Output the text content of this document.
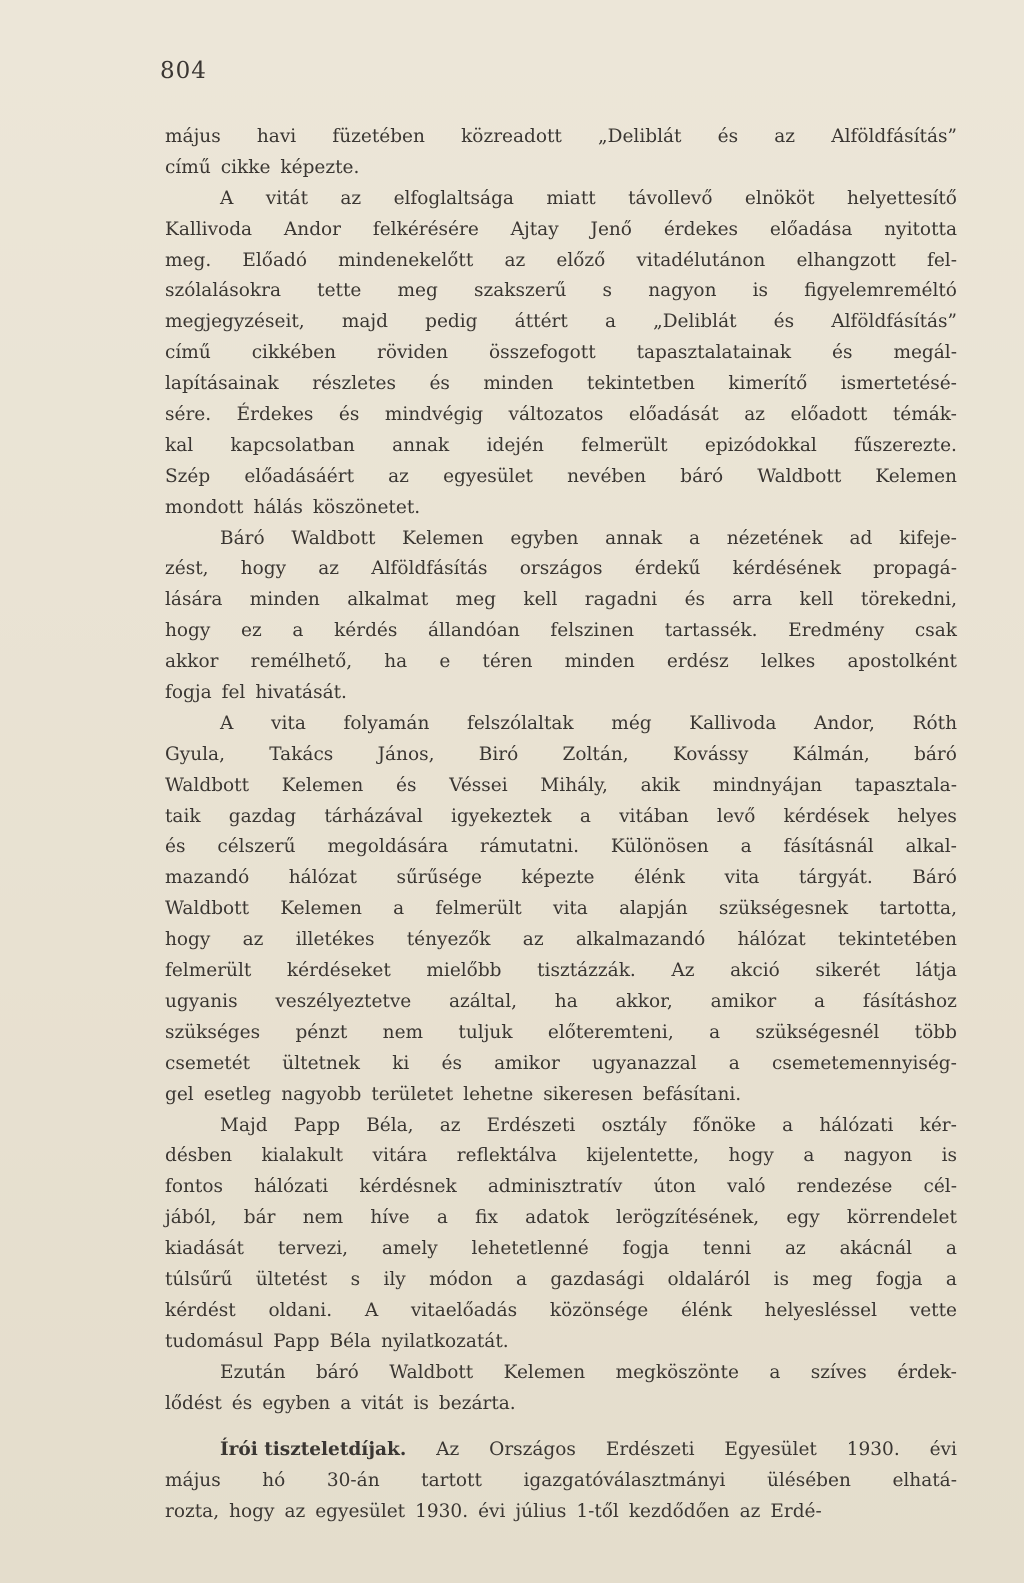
804
május havi füzetében közreadott „Deliblát és az Alföldfásítás”
című cikke képezte.
A vitát az elfoglaltsága miatt távollevő elnököt helyettesítő
Kallivoda Andor felkérésére Ajtay Jenő érdekes előadása nyitotta
meg. Előadó mindenekelőtt az előző vitadélutánon elhangzott fel-
szólalásokra tette meg szakszerű s nagyon is figyelemreméltó
megjegyzéseit, majd pedig áttért a „Deliblát és Alföldfásítás”
című cikkében röviden összefogott tapasztalatainak és megál-
lapításainak részletes és minden tekintetben kimerítő ismertetésé-
sére. Érdekes és mindvégig változatos előadását az előadott témák-
kal kapcsolatban annak idején felmerült epizódokkal fűszerezte.
Szép előadásáért az egyesület nevében báró Waldbott Kelemen
mondott hálás köszönetet.
Báró Waldbott Kelemen egyben annak a nézetének ad kifeje-
zést, hogy az Alföldfásítás országos érdekű kérdésének propagá-
lására minden alkalmat meg kell ragadni és arra kell törekedni,
hogy ez a kérdés állandóan felszinen tartassék. Eredmény csak
akkor remélhető, ha e téren minden erdész lelkes apostolként
fogja fel hivatását.
A vita folyamán felszólaltak még Kallivoda Andor, Róth
Gyula, Takács János, Biró Zoltán, Kovássy Kálmán, báró
Waldbott Kelemen és Véssei Mihály, akik mindnyájan tapasztala-
taik gazdag tárházával igyekeztek a vitában levő kérdések helyes
és célszerű megoldására rámutatni. Különösen a fásításnál alkal-
mazandó hálózat sűrűsége képezte élénk vita tárgyát. Báró
Waldbott Kelemen a felmerült vita alapján szükségesnek tartotta,
hogy az illetékes tényezők az alkalmazandó hálózat tekintetében
felmerült kérdéseket mielőbb tisztázzák. Az akció sikerét látja
ugyanis veszélyeztetve azáltal, ha akkor, amikor a fásításhoz
szükséges pénzt nem tuljuk előteremteni, a szükségesnél több
csemetét ültetnek ki és amikor ugyanazzal a csemetemennyiség-
gel esetleg nagyobb területet lehetne sikeresen befásítani.
Majd Papp Béla, az Erdészeti osztály főnöke a hálózati kér-
désben kialakult vitára reflektálva kijelentette, hogy a nagyon is
fontos hálózati kérdésnek adminisztratív úton való rendezése cél-
jából, bár nem híve a fix adatok lerögzítésének, egy körrendelet
kiadását tervezi, amely lehetetlenné fogja tenni az akácnál a
túlsűrű ültetést s ily módon a gazdasági oldaláról is meg fogja a
kérdést oldani. A vitaelőadás közönsége élénk helyesléssel vette
tudomásul Papp Béla nyilatkozatát.
Ezután báró Waldbott Kelemen megköszönte a szíves érdek-
lődést és egyben a vitát is bezárta.
Írói tiszteletdíjak. Az Országos Erdészeti Egyesület 1930. évi
május hó 30-án tartott igazgatóválasztmányi ülésében elhatá-
rozta, hogy az egyesület 1930. évi július 1-től kezdődően az Erdé-
